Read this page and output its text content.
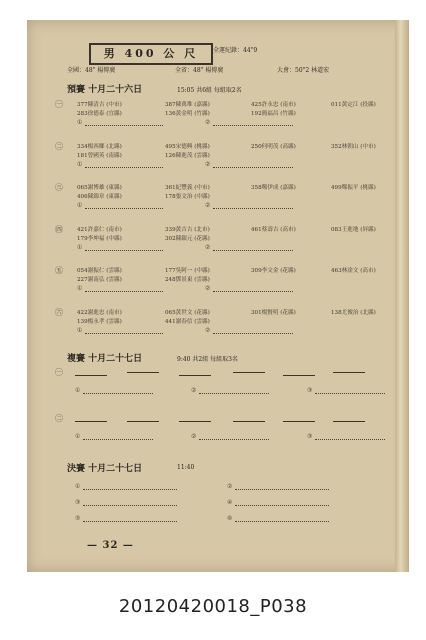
男 400 公 尺	全運紀錄：44"9
全國：48" 楊傳廣	全省：48" 楊傳廣	大會：50"2 林道宏
預賽 十月二十六日	15:05 共6組 每組取2名
㊀	377陳清吉 (中市)	387陳萬堆 (嘉縣)	425許永忠 (南市)	011黃定江 (投縣)
283徐德泰 (宜縣)	136黃金明 (竹縣)	192簡福昌 (竹縣)
①	②
㊁	334楊西鄉 (北縣)	495宋德興 (桃縣)	250何明茂 (高縣)	352林朝山 (中市)
181曾國英 (南縣)	126陳進茂 (雲縣)
①	②
㊂	065謝博雄 (東縣)	361紀豐義 (中市)	358鄭伊成 (嘉縣)	499鄭振平 (桃縣)
406陳錦章 (東縣)	178張文治 (中縣)
①	②
㊃	421許嘉仁 (南市)	339黃吉吉 (北市)	461蔡壽吉 (高市)	083王進地 (屏縣)
179李坤福 (中縣)	302陳銀元 (花縣)
①	②
㊄	054謝振仁 (雲縣)	177吳阿一 (中縣)	309李文金 (花縣)	463林淦文 (高市)
227謝南弘 (雲縣)	248鄧景東 (雲縣)
①	②
㊅	422謝進忠 (南市)	065黃世文 (花縣)	301楊賢明 (花縣)	138尤俊治 (北縣)
139楊永孝 (雲縣)	441謝春信 (雲縣)
①	②
複賽 十月二十七日	9:40 共2組 每組取3名
㊀
①	②	③
㊁
①	②	③
決賽 十月二十七日	11:40
①	②
③	④
⑤	⑥
— 32 —
20120420018_P038
